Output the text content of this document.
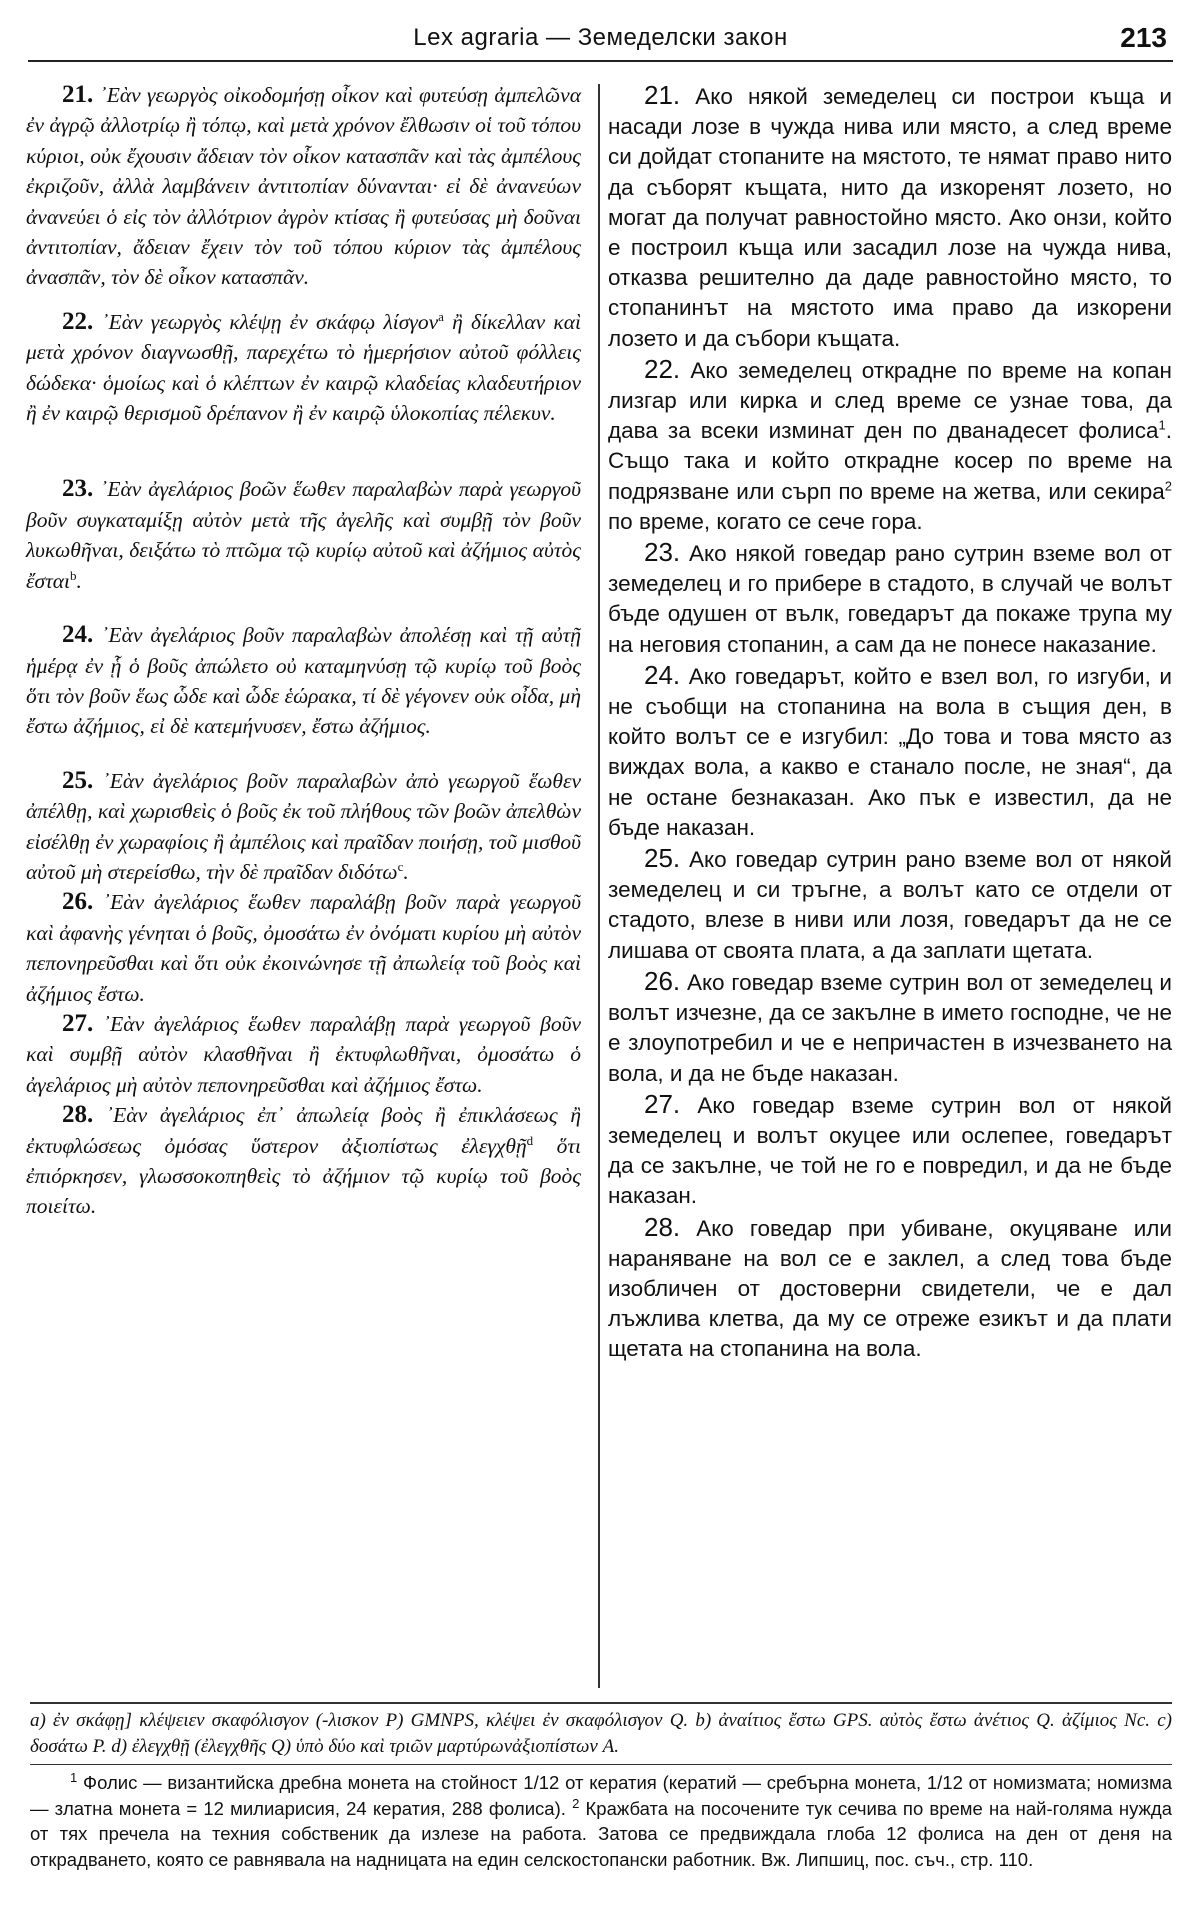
Lex agraria — Земеделски закон	213

21. ᾿Εὰν γεωργὸς οἰκοδομήσῃ οἶκον καὶ φυτεύσῃ ἀμπελῶνα ἐν ἀγρῷ ἀλλοτρίῳ ἢ τόπῳ, καὶ μετὰ χρόνον ἔλθωσιν οἱ τοῦ τόπου κύριοι, οὐκ ἔχουσιν ἄδειαν τὸν οἶκον κατασπᾶν καὶ τὰς ἀμπέλους ἐκριζοῦν, ἀλλὰ λαμβάνειν ἀντιτοπίαν δύνανται· εἰ δὲ ἀνανεύων ἀνανεύει ὁ εἰς τὸν ἀλλότριον ἀγρὸν κτίσας ἢ φυτεύσας μὴ δοῦναι ἀντιτοπίαν, ἄδειαν ἔχειν τὸν τοῦ τόπου κύριον τὰς ἀμπέλους ἀνασπᾶν, τὸν δὲ οἶκον κατασπᾶν.

22. ᾿Εὰν γεωργὸς κλέψῃ ἐν σκάφῳ λίσγον$^a$ ἢ δίκελλαν καὶ μετὰ χρόνον διαγνωσθῇ, παρεχέτω τὸ ἡμερήσιον αὐτοῦ φόλλεις δώδεκα· ὁμοίως καὶ ὁ κλέπτων ἐν καιρῷ κλαδείας κλαδευτήριον ἢ ἐν καιρῷ θερισμοῦ δρέπανον ἢ ἐν καιρῷ ὑλοκοπίας πέλεκυν.

23. ᾿Εὰν ἀγελάριος βοῶν ἕωθεν παραλαβὼν παρὰ γεωργοῦ βοῦν συγκαταμίξῃ αὐτὸν μετὰ τῆς ἀγελῆς καὶ συμβῇ τὸν βοῦν λυκωθῆναι, δειξάτω τὸ πτῶμα τῷ κυρίῳ αὐτοῦ καὶ ἀζήμιος αὐτὸς ἔσται$^b$.

24. ᾿Εὰν ἀγελάριος βοῦν παραλαβὼν ἀπολέσῃ καὶ τῇ αὐτῇ ἡμέρᾳ ἐν ᾗ ὁ βοῦς ἀπώλετο οὐ καταμηνύσῃ τῷ κυρίῳ τοῦ βοὸς ὅτι τὸν βοῦν ἕως ὧδε καὶ ὧδε ἑώρακα, τί δὲ γέγονεν οὐκ οἶδα, μὴ ἔστω ἀζήμιος, εἰ δὲ κατεμήνυσεν, ἔστω ἀζήμιος.

25. ᾿Εὰν ἀγελάριος βοῦν παραλαβὼν ἀπὸ γεωργοῦ ἕωθεν ἀπέλθῃ, καὶ χωρισθεὶς ὁ βοῦς ἐκ τοῦ πλήθους τῶν βοῶν ἀπελθὼν εἰσέλθῃ ἐν χωραφίοις ἢ ἀμπέλοις καὶ πραῖδαν ποιήσῃ, τοῦ μισθοῦ αὐτοῦ μὴ στερείσθω, τὴν δὲ πραῖδαν διδότω$^c$.

26. ᾿Εὰν ἀγελάριος ἕωθεν παραλάβῃ βοῦν παρὰ γεωργοῦ καὶ ἀφανὴς γένηται ὁ βοῦς, ὀμοσάτω ἐν ὀνόματι κυρίου μὴ αὐτὸν πεπονηρεῦσθαι καὶ ὅτι οὐκ ἐκοινώνησε τῇ ἀπωλείᾳ τοῦ βοὸς καὶ ἀζήμιος ἔστω.

27. ᾿Εὰν ἀγελάριος ἕωθεν παραλάβῃ παρὰ γεωργοῦ βοῦν καὶ συμβῇ αὐτὸν κλασθῆναι ἢ ἐκτυφλωθῆναι, ὀμοσάτω ὁ ἀγελάριος μὴ αὐτὸν πεπονηρεῦσθαι καὶ ἀζήμιος ἔστω.

28. ᾿Εὰν ἀγελάριος ἐπ᾿ ἀπωλείᾳ βοὸς ἢ ἐπικλάσεως ἢ ἐκτυφλώσεως ὀμόσας ὕστερον ἀξιοπίστως ἐλεγχθῇ$^d$ ὅτι ἐπιόρκησεν, γλωσσοκοπηθεὶς τὸ ἀζήμιον τῷ κυρίῳ τοῦ βοὸς ποιείτω.

21. Ако някой земеделец си построи къща и насади лозе в чужда нива или място, а след време си дойдат стопаните на мястото, те нямат право нито да съборят къщата, нито да изкоренят лозето, но могат да получат равностойно място. Ако онзи, който е построил къща или засадил лозе на чужда нива, отказва решително да даде равностойно място, то стопанинът на мястото има право да изкорени лозето и да събори къщата.

22. Ако земеделец открадне по време на копан лизгар или кирка и след време се узнае това, да дава за всеки изминат ден по дванадесет фолиса$^1$. Също така и който открадне косер по време на подрязване или сърп по време на жетва, или секира$^2$ по време, когато се сече гора.

23. Ако някой говедар рано сутрин вземе вол от земеделец и го прибере в стадото, в случай че волът бъде одушен от вълк, говедарът да покаже трупа му на неговия стопанин, а сам да не понесе наказание.

24. Ако говедарът, който е взел вол, го изгуби, и не съобщи на стопанина на вола в същия ден, в който волът се е изгубил: „До това и това място аз виждах вола, а какво е станало после, не зная“, да не остане безнаказан. Ако пък е известил, да не бъде наказан.

25. Ако говедар сутрин рано вземе вол от някой земеделец и си тръгне, а волът като се отдели от стадото, влезе в ниви или лозя, говедарът да не се лишава от своята плата, а да заплати щетата.

26. Ако говедар вземе сутрин вол от земеделец и волът изчезне, да се закълне в името господне, че не е злоупотребил и че е непричастен в изчезването на вола, и да не бъде наказан.

27. Ако говедар вземе сутрин вол от някой земеделец и волът окуцее или ослепее, говедарът да се закълне, че той не го е повредил, и да не бъде наказан.

28. Ако говедар при убиване, окуцяване или нараняване на вол се е заклел, а след това бъде изобличен от достоверни свидетели, че е дал лъжлива клетва, да му се отреже езикът и да плати щетата на стопанина на вола.

a) ἐν σκάφῃ] κλέψειεν σκαφόλισγον (-λισκον P) GMNPS, κλέψει ἐν σκαφόλισγον Q. b) ἀναίτιος ἔστω GPS. αὐτὸς ἔστω ἀνέτιος Q. ἀζίμιος Nc. c) δοσάτω P. d) ἐλεγχθῇ (ἐλεγχθῆς Q) ὑπὸ δύο καὶ τριῶν μαρτύρωνἀξιοπίστων A.

$^1$ Фолис — византийска дребна монета на стойност 1/12 от кератия (кератий — сребърна монета, 1/12 от номизмата; номизма — златна монета = 12 милиарисия, 24 кератия, 288 фолиса). $^2$ Кражбата на посочените тук сечива по време на най-голяма нужда от тях пречела на техния собственик да излезе на работа. Затова се предвиждала глоба 12 фолиса на ден от деня на открадването, която се равнявала на надницата на един селскостопански работник. Вж. Липшиц, пос. съч., стр. 110.
